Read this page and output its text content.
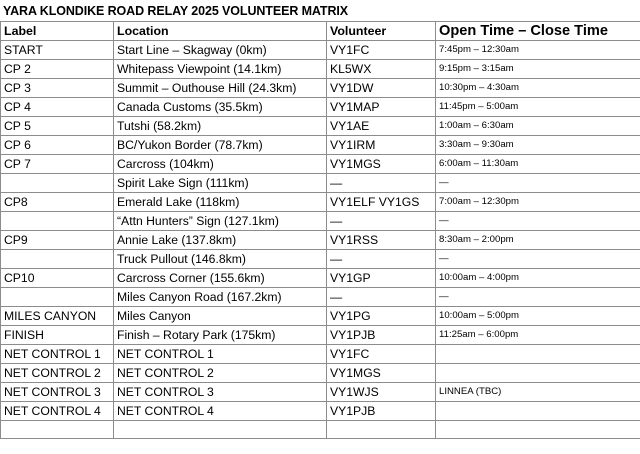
YARA KLONDIKE ROAD RELAY 2025 VOLUNTEER MATRIX
Label	Location	Volunteer	Open Time – Close Time
START	Start Line – Skagway (0km)	VY1FC	7:45pm – 12:30am
CP 2	Whitepass Viewpoint (14.1km)	KL5WX	9:15pm – 3:15am
CP 3	Summit – Outhouse Hill (24.3km)	VY1DW	10:30pm – 4:30am
CP 4	Canada Customs (35.5km)	VY1MAP	11:45pm – 5:00am
CP 5	Tutshi (58.2km)	VY1AE	1:00am – 6:30am
CP 6	BC/Yukon Border (78.7km)	VY1IRM	3:30am – 9:30am
CP 7	Carcross (104km)	VY1MGS	6:00am – 11:30am
	Spirit Lake Sign (111km)	—	—
CP8	Emerald Lake (118km)	VY1ELF VY1GS	7:00am – 12:30pm
	“Attn Hunters” Sign (127.1km)	—	—
CP9	Annie Lake (137.8km)	VY1RSS	8:30am – 2:00pm
	Truck Pullout (146.8km)	—	—
CP10	Carcross Corner (155.6km)	VY1GP	10:00am – 4:00pm
	Miles Canyon Road (167.2km)	—	—
MILES CANYON	Miles Canyon	VY1PG	10:00am – 5:00pm
FINISH	Finish – Rotary Park (175km)	VY1PJB	11:25am – 6:00pm
NET CONTROL 1	NET CONTROL 1	VY1FC	
NET CONTROL 2	NET CONTROL 2	VY1MGS	
NET CONTROL 3	NET CONTROL 3	VY1WJS	LINNEA (TBC)
NET CONTROL 4	NET CONTROL 4	VY1PJB	
